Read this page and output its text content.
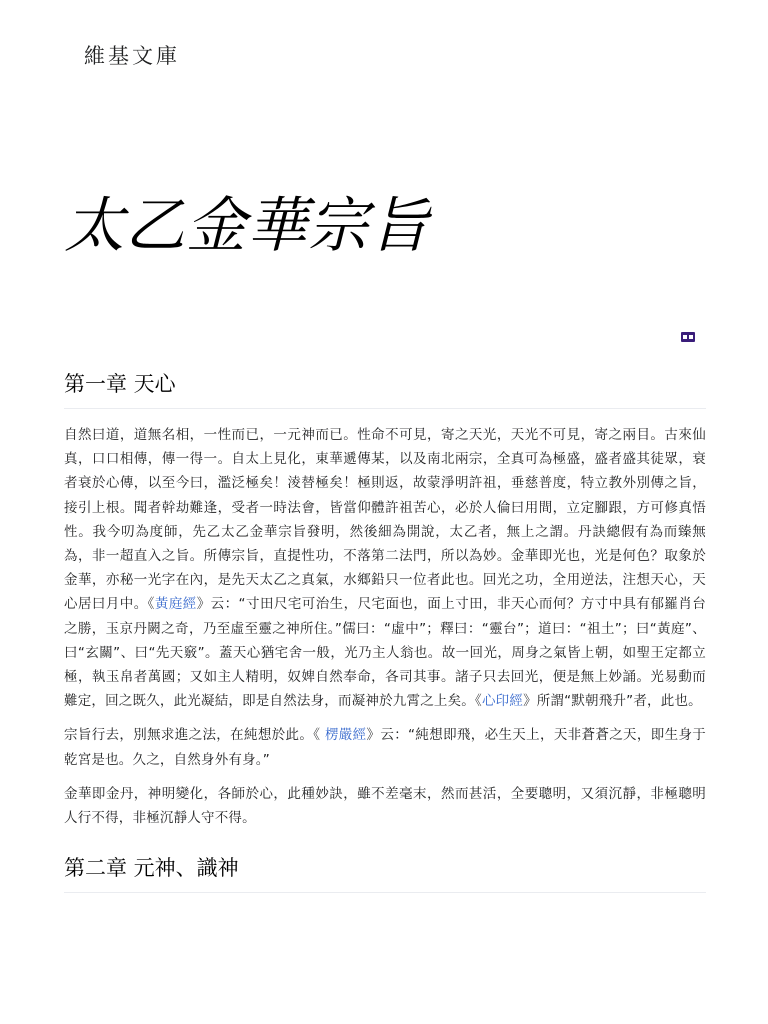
維基文庫
太乙金華宗旨
第一章 天心

自然曰道，道無名相，一性而已，一元神而已。性命不可見，寄之天光，天光不可見，寄之兩目。古來仙真，口口相傳，傳一得一。自太上見化，東華遞傳某，以及南北兩宗，全真可為極盛，盛者盛其徒眾，衰者衰於心傳，以至今曰，濫泛極矣！淩替極矣！極則返，故蒙淨明許祖，垂慈普度，特立教外別傳之旨，接引上根。聞者幹劫難逢，受者一時法會，皆當仰體許祖苦心，必於人倫曰用間，立定腳跟，方可修真悟性。我今叨為度師，先乙太乙金華宗旨發明，然後細為開說，太乙者，無上之謂。丹訣總假有為而臻無為，非一超直入之旨。所傳宗旨，直提性功，不落第二法門，所以為妙。金華即光也，光是何色？取象於金華，亦秘一光字在內，是先天太乙之真氣，水鄉鉛只一位者此也。回光之功，全用逆法，注想天心，天心居曰月中。《黃庭經》云：“寸田尺宅可治生，尺宅面也，面上寸田，非天心而何？方寸中具有郁羅肖台之勝，玉京丹闕之奇，乃至虛至靈之神所住。”儒曰：“虛中”；釋曰：“靈台”；道曰：“祖土”；曰“黃庭”、曰“玄關”、曰“先天竅”。蓋天心猶宅舍一般，光乃主人翁也。故一回光，周身之氣皆上朝，如聖王定都立極，執玉帛者萬國；又如主人精明，奴婢自然奉命，各司其事。諸子只去回光，便是無上妙誦。光易動而難定，回之既久，此光凝結，即是自然法身，而凝神於九霄之上矣。《心印經》所謂“默朝飛升”者，此也。

宗旨行去，別無求進之法，在純想於此。《 楞嚴經》云：“純想即飛，必生天上，天非蒼蒼之天，即生身于乾宮是也。久之，自然身外有身。”

金華即金丹，神明變化，各師於心，此種妙訣，雖不差毫末，然而甚活，全要聰明，又須沉靜，非極聰明人行不得，非極沉靜人守不得。

第二章 元神、識神
